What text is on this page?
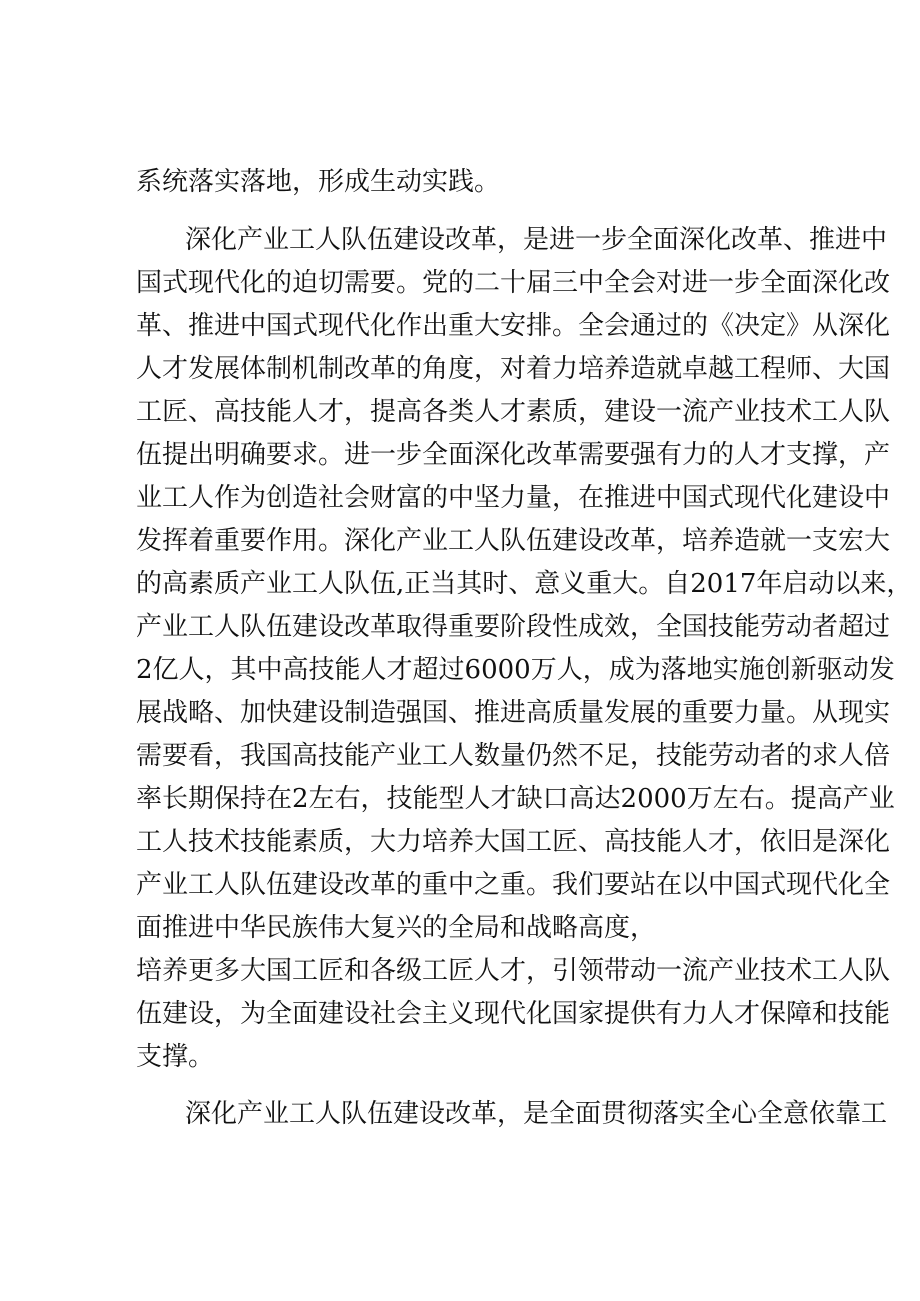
系统落实落地，形成生动实践。
深化产业工人队伍建设改革，是进一步全面深化改革、推进中
国式现代化的迫切需要。党的二十届三中全会对进一步全面深化改
革、推进中国式现代化作出重大安排。全会通过的《决定》从深化
人才发展体制机制改革的角度，对着力培养造就卓越工程师、大国
工匠、高技能人才，提高各类人才素质，建设一流产业技术工人队
伍提出明确要求。进一步全面深化改革需要强有力的人才支撑，产
业工人作为创造社会财富的中坚力量，在推进中国式现代化建设中
发挥着重要作用。深化产业工人队伍建设改革，培养造就一支宏大
的高素质产业工人队伍,正当其时、意义重大。自2017年启动以来，
产业工人队伍建设改革取得重要阶段性成效，全国技能劳动者超过
2亿人，其中高技能人才超过6000万人，成为落地实施创新驱动发
展战略、加快建设制造强国、推进高质量发展的重要力量。从现实
需要看，我国高技能产业工人数量仍然不足，技能劳动者的求人倍
率长期保持在2左右，技能型人才缺口高达2000万左右。提高产业
工人技术技能素质，大力培养大国工匠、高技能人才，依旧是深化
产业工人队伍建设改革的重中之重。我们要站在以中国式现代化全
面推进中华民族伟大复兴的全局和战略高度，
培养更多大国工匠和各级工匠人才，引领带动一流产业技术工人队
伍建设，为全面建设社会主义现代化国家提供有力人才保障和技能
支撑。
深化产业工人队伍建设改革，是全面贯彻落实全心全意依靠工
